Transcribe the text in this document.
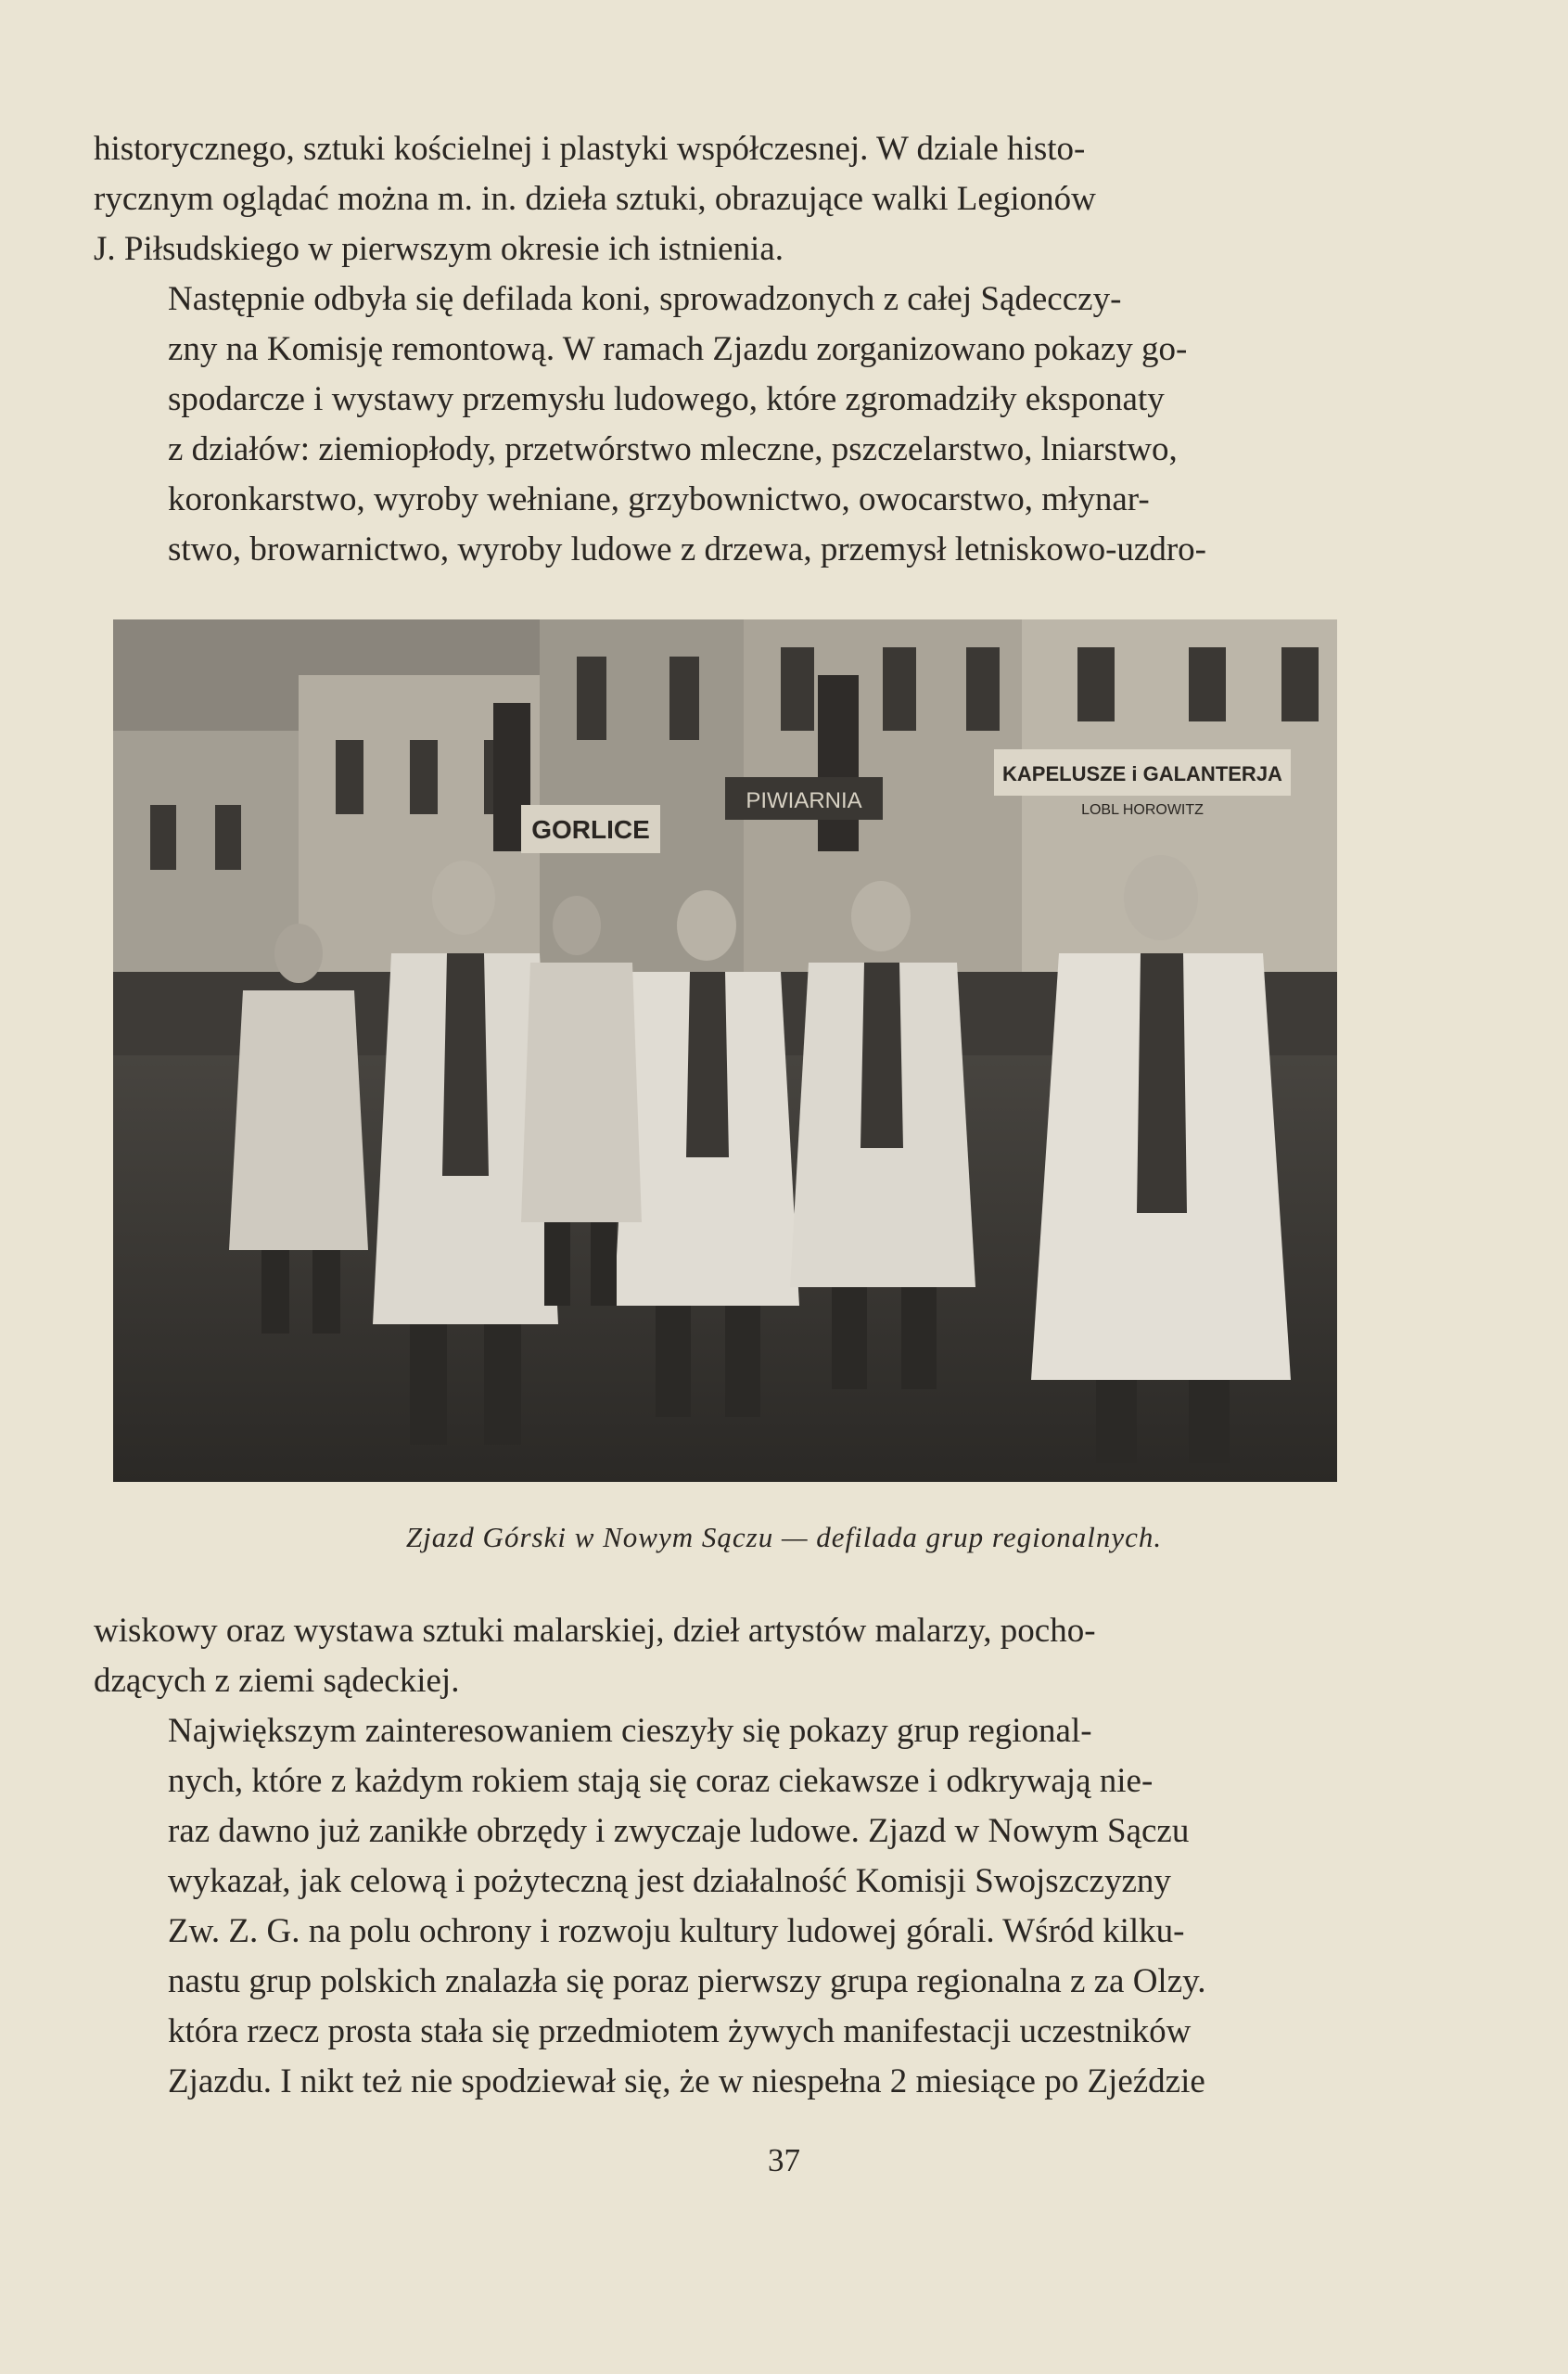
historycznego, sztuki kościelnej i plastyki współczesnej. W dziale histo-
rycznym oglądać można m. in. dzieła sztuki, obrazujące walki Legionów
J. Piłsudskiego w pierwszym okresie ich istnienia.

Następnie odbyła się defilada koni, sprowadzonych z całej Sądecczy-
zny na Komisję remontową. W ramach Zjazdu zorganizowano pokazy go-
spodarcze i wystawy przemysłu ludowego, które zgromadziły eksponaty
z działów: ziemiopłody, przetwórstwo mleczne, pszczelarstwo, lniarstwo,
koronkarstwo, wyroby wełniane, grzybownictwo, owocarstwo, młynar-
stwo, browarnictwo, wyroby ludowe z drzewa, przemysł letniskowo-uzdro-

GORLICE
PIWIARNIA
KAPELUSZE i GALANTERJA
LOBL HOROWITZ
Zjazd Górski w Nowym Sączu — defilada grup regionalnych.

wiskowy oraz wystawa sztuki malarskiej, dzieł artystów malarzy, pocho-
dzących z ziemi sądeckiej.

Największym zainteresowaniem cieszyły się pokazy grup regional-
nych, które z każdym rokiem stają się coraz ciekawsze i odkrywają nie-
raz dawno już zanikłe obrzędy i zwyczaje ludowe. Zjazd w Nowym Sączu
wykazał, jak celową i pożyteczną jest działalność Komisji Swojszczyzny
Zw. Z. G. na polu ochrony i rozwoju kultury ludowej górali. Wśród kilku-
nastu grup polskich znalazła się poraz pierwszy grupa regionalna z za Olzy.
która rzecz prosta stała się przedmiotem żywych manifestacji uczestników
Zjazdu. I nikt też nie spodziewał się, że w niespełna 2 miesiące po Zjeździe

37
